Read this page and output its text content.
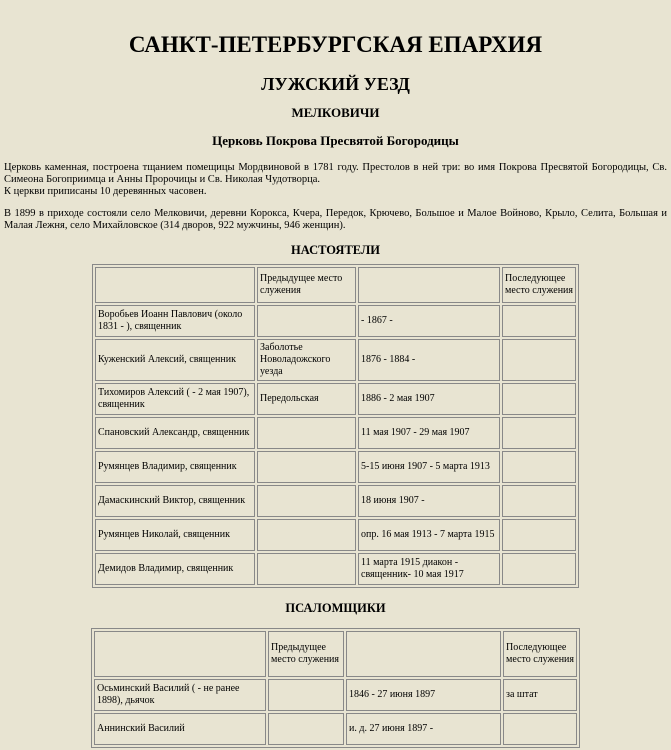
САНКТ-ПЕТЕРБУРГСКАЯ ЕПАРХИЯ
ЛУЖСКИЙ УЕЗД
МЕЛКОВИЧИ
Церковь Покрова Пресвятой Богородицы

Церковь каменная, построена тщанием помещицы Мордвиновой в 1781 году. Престолов в ней три: во имя Покрова Пресвятой Богородицы, Св. Симеона Богоприимца и Анны Пророчицы и Св. Николая Чудотворца.
К церкви приписаны 10 деревянных часовен.

В 1899 в приходе состояли село Мелковичи, деревни Корокса, Кчера, Передок, Крючево, Большое и Малое Войново, Крыло, Селита, Большая и Малая Лежня, село Михайловское (314 дворов, 922 мужчины, 946 женщин).

НАСТОЯТЕЛИ
	Предыдущее место служения		Последующее место служения
Воробьев Иоанн Павлович (около 1831 - ), священник		- 1867 -	
Куженский Алексий, священник	Заболотье Новоладожского уезда	1876 - 1884 -	
Тихомиров Алексий ( - 2 мая 1907), священник	Передольская	1886 - 2 мая 1907	
Спановский Александр, священник		11 мая 1907 - 29 мая 1907	
Румянцев Владимир, священник		5-15 июня 1907 - 5 марта 1913	
Дамаскинский Виктор, священник		18 июня 1907 -	
Румянцев Николай, священник		опр. 16 мая 1913 - 7 марта 1915	
Демидов Владимир, священник		11 марта 1915 диакон - священник- 10 мая 1917	
ПСАЛОМЩИКИ
	Предыдущее место служения		Последующее место служения
Осьминский Василий ( - не ранее 1898), дьячок		1846 - 27 июня 1897	за штат
Аннинский Василий		и. д. 27 июня 1897 -	
